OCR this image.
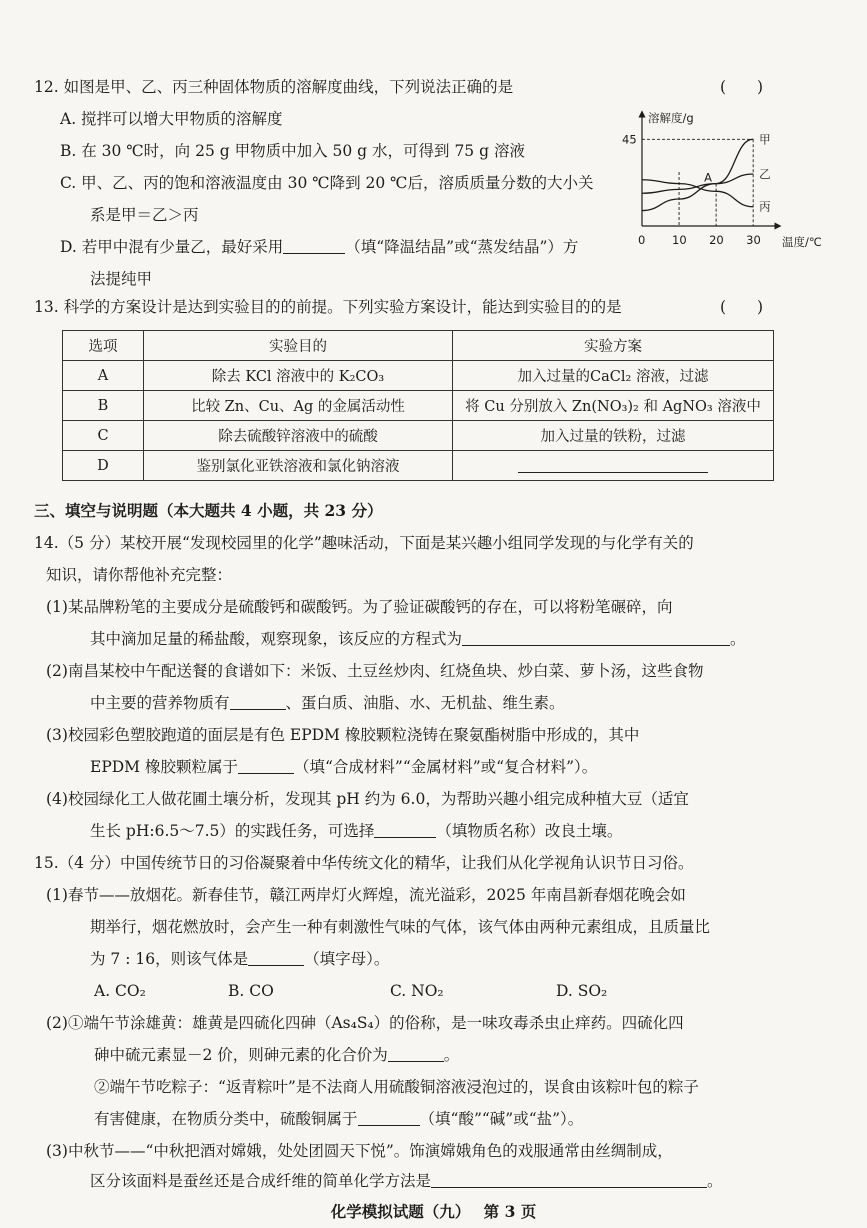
12. 如图是甲、乙、丙三种固体物质的溶解度曲线，下列说法正确的是	(　　)
A. 搅拌可以增大甲物质的溶解度
B. 在 30 ℃时，向 25 g 甲物质中加入 50 g 水，可得到 75 g 溶液
C. 甲、乙、丙的饱和溶液温度由 30 ℃降到 20 ℃后，溶质质量分数的大小关
系是甲＝乙＞丙
D. 若甲中混有少量乙，最好采用	（填“降温结晶”或“蒸发结晶”）方
法提纯甲
溶解度/g
温度/℃
0 10 20 30
45	甲
乙
丙
A
13. 科学的方案设计是达到实验目的的前提。下列实验方案设计，能达到实验目的的是	(　　)
选项	实验目的	实验方案
A	除去 KCl 溶液中的 K₂CO₃	加入过量的CaCl₂ 溶液，过滤
B	比较 Zn、Cu、Ag 的金属活动性	将 Cu 分别放入 Zn(NO₃)₂ 和 AgNO₃ 溶液中
C	除去硫酸锌溶液中的硫酸	加入过量的铁粉，过滤
D	鉴别氯化亚铁溶液和氯化钠溶液	
三、填空与说明题（本大题共 4 小题，共 23 分）
14.（5 分）某校开展“发现校园里的化学”趣味活动，下面是某兴趣小组同学发现的与化学有关的
知识，请你帮他补充完整：
(1)某品牌粉笔的主要成分是硫酸钙和碳酸钙。为了验证碳酸钙的存在，可以将粉笔碾碎，向
其中滴加足量的稀盐酸，观察现象，该反应的方程式为	。
(2)南昌某校中午配送餐的食谱如下：米饭、土豆丝炒肉、红烧鱼块、炒白菜、萝卜汤，这些食物
中主要的营养物质有	、蛋白质、油脂、水、无机盐、维生素。
(3)校园彩色塑胶跑道的面层是有色 EPDM 橡胶颗粒浇铸在聚氨酯树脂中形成的，其中
EPDM 橡胶颗粒属于	（填“合成材料”“金属材料”或“复合材料”）。
(4)校园绿化工人做花圃土壤分析，发现其 pH 约为 6.0，为帮助兴趣小组完成种植大豆（适宜
生长 pH:6.5～7.5）的实践任务，可选择	（填物质名称）改良土壤。
15.（4 分）中国传统节日的习俗凝聚着中华传统文化的精华，让我们从化学视角认识节日习俗。
(1)春节——放烟花。新春佳节，赣江两岸灯火辉煌，流光溢彩，2025 年南昌新春烟花晚会如
期举行，烟花燃放时，会产生一种有刺激性气味的气体，该气体由两种元素组成，且质量比
为 7 : 16，则该气体是	（填字母）。
A. CO₂	B. CO	C. NO₂	D. SO₂
(2)①端午节涂雄黄：雄黄是四硫化四砷（As₄S₄）的俗称，是一味攻毒杀虫止痒药。四硫化四
砷中硫元素显－2 价，则砷元素的化合价为	。
②端午节吃粽子：“返青粽叶”是不法商人用硫酸铜溶液浸泡过的，误食由该粽叶包的粽子
有害健康，在物质分类中，硫酸铜属于	（填“酸”“碱”或“盐”）。
(3)中秋节——“中秋把酒对嫦娥，处处团圆天下悦”。饰演嫦娥角色的戏服通常由丝绸制成，
化学模拟试题（九） 第 3 页
区分该面料是蚕丝还是合成纤维的简单化学方法是	。
